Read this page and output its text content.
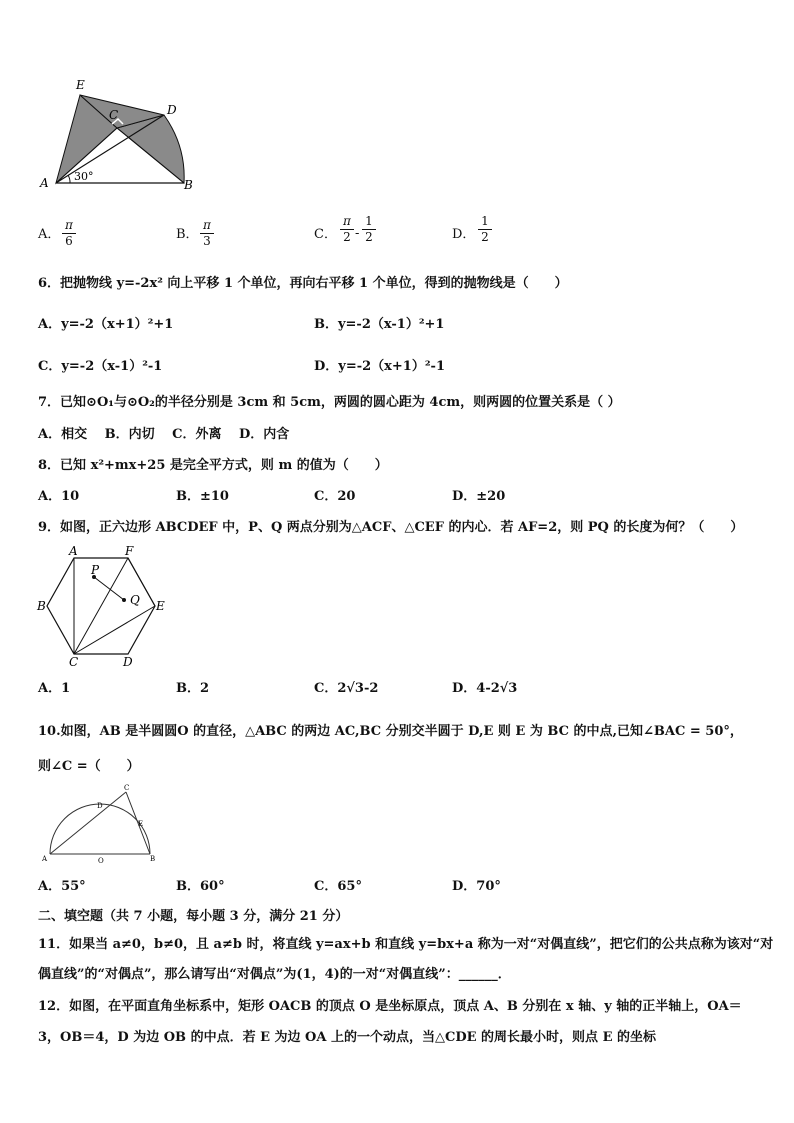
E
C	D
A	B
30°
A． $\frac{\pi}{6}$	B． $\frac{\pi}{3}$	C． $\frac{\pi}{2} - \frac{1}{2}$	D． $\frac{1}{2}$
6．把抛物线 y=-2x² 向上平移 1 个单位，再向右平移 1 个单位，得到的抛物线是（　　）
A．y=-2（x+1）²+1	B．y=-2（x-1）²+1
C．y=-2（x-1）²-1	D．y=-2（x+1）²-1
7．已知⊙O₁与⊙O₂的半径分别是 3cm 和 5cm，两圆的圆心距为 4cm，则两圆的位置关系是（ ）
A．相交　 B．内切　 C．外离　 D．内含
8．已知 x²+mx+25 是完全平方式，则 m 的值为（　　）
A．10	B．±10	C．20	D．±20
9．如图，正六边形 ABCDEF 中，P、Q 两点分别为△ACF、△CEF 的内心．若 AF=2，则 PQ 的长度为何？（　　）
A	F
B	E
C	D
P
Q
A．1	B．2	C．2√3-2	D．4-2√3
10.如图，AB 是半圆圆O 的直径，△ABC 的两边 AC,BC 分别交半圆于 D,E 则 E 为 BC 的中点,已知∠BAC = 50°，
则∠C =（　　）
A	O	B
D
C
E
A．55°	B．60°	C．65°	D．70°
二、填空题（共 7 小题，每小题 3 分，满分 21 分）
11．如果当 a≠0，b≠0，且 a≠b 时，将直线 y=ax+b 和直线 y=bx+a 称为一对“对偶直线”，把它们的公共点称为该对“对
偶直线”的“对偶点”，那么请写出“对偶点”为(1，4)的一对“对偶直线”：______．
12．如图，在平面直角坐标系中，矩形 OACB 的顶点 O 是坐标原点，顶点 A、B 分别在 x 轴、y 轴的正半轴上，OA＝
3，OB＝4，D 为边 OB 的中点．若 E 为边 OA 上的一个动点，当△CDE 的周长最小时，则点 E 的坐标
